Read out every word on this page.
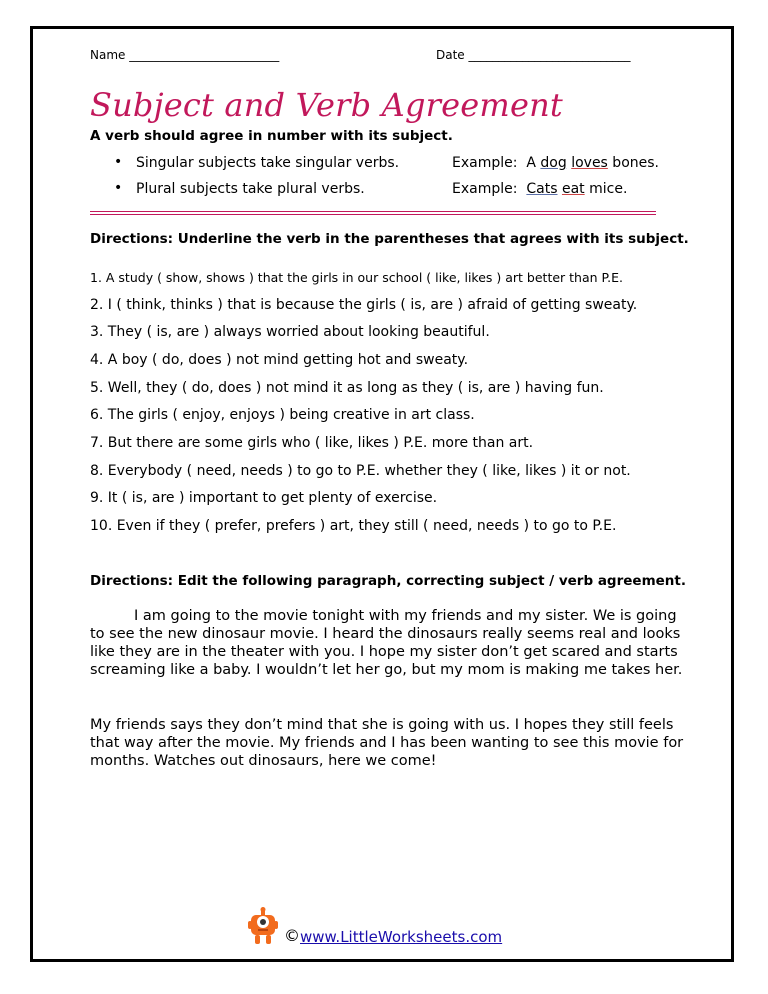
Name _________________________	Date ___________________________
Subject and Verb Agreement
A verb should agree in number with its subject.
• Singular subjects take singular verbs.	Example: A dog loves bones.
• Plural subjects take plural verbs.	Example: Cats eat mice.
Directions: Underline the verb in the parentheses that agrees with its subject.
1. A study ( show, shows ) that the girls in our school ( like, likes ) art better than P.E.
2. I ( think, thinks ) that is because the girls ( is, are ) afraid of getting sweaty.
3. They ( is, are ) always worried about looking beautiful.
4. A boy ( do, does ) not mind getting hot and sweaty.
5. Well, they ( do, does ) not mind it as long as they ( is, are ) having fun.
6. The girls ( enjoy, enjoys ) being creative in art class.
7. But there are some girls who ( like, likes ) P.E. more than art.
8. Everybody ( need, needs ) to go to P.E. whether they ( like, likes ) it or not.
9. It ( is, are ) important to get plenty of exercise.
10. Even if they ( prefer, prefers ) art, they still ( need, needs ) to go to P.E.
Directions: Edit the following paragraph, correcting subject / verb agreement.
I am going to the movie tonight with my friends and my sister. We is going to see the new dinosaur movie. I heard the dinosaurs really seems real and looks like they are in the theater with you. I hope my sister don’t get scared and starts screaming like a baby. I wouldn’t let her go, but my mom is making me takes her.
My friends says they don’t mind that she is going with us. I hopes they still feels that way after the movie. My friends and I has been wanting to see this movie for months. Watches out dinosaurs, here we come!
© www.LittleWorksheets.com
